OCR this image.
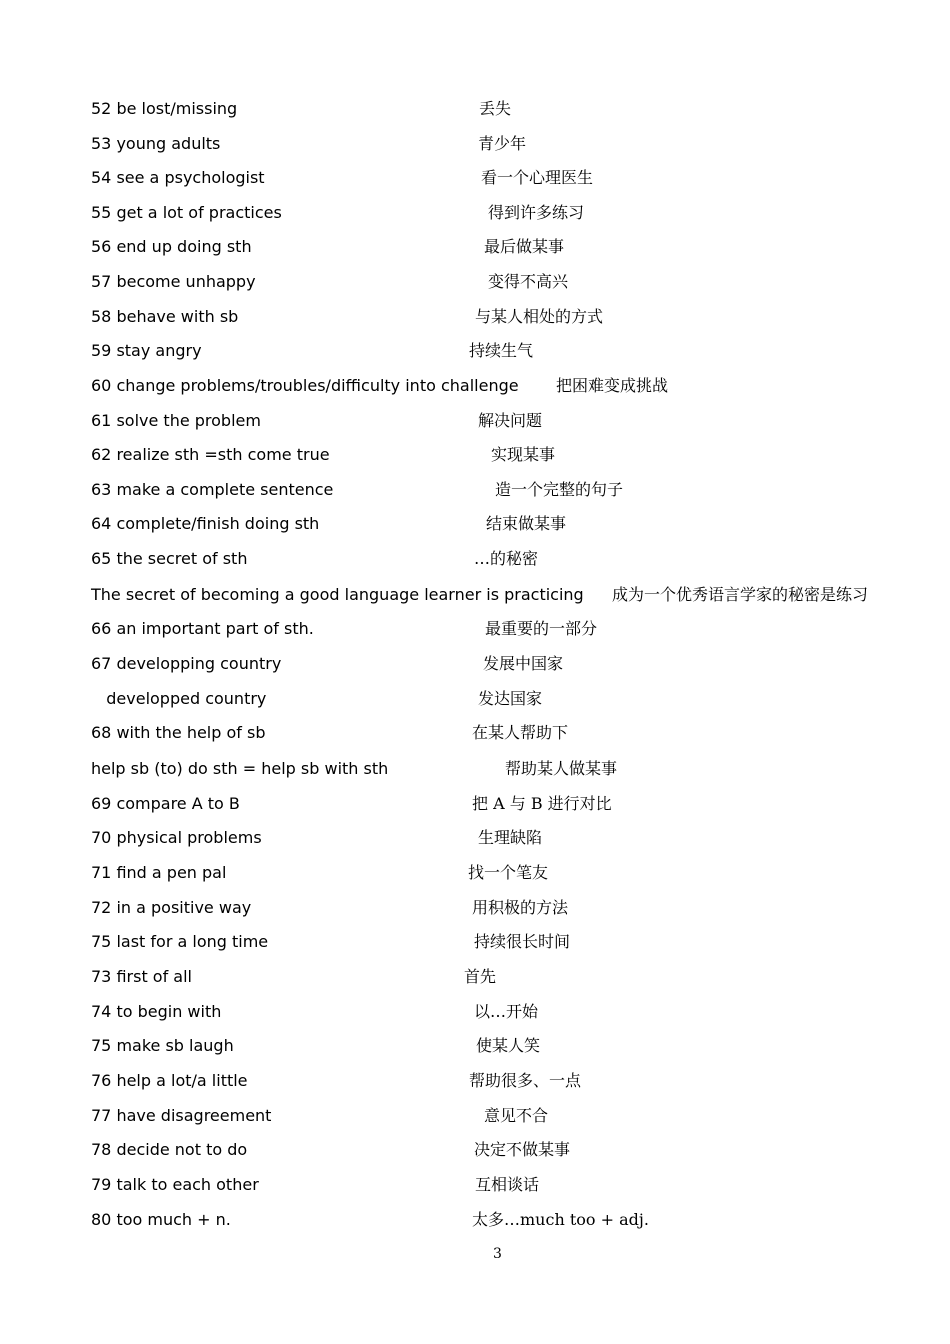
52 be lost/missing	丢失
53 young adults	青少年
54 see a psychologist	看一个心理医生
55 get a lot of practices	得到许多练习
56 end up doing sth	最后做某事
57 become unhappy	变得不高兴
58 behave with sb	与某人相处的方式
59 stay angry	持续生气
60 change problems/troubles/difficulty into challenge 把困难变成挑战
61 solve the problem	解决问题
62 realize sth =sth come true	实现某事
63 make a complete sentence	造一个完整的句子
64 complete/finish doing sth	结束做某事
65 the secret of sth	…的秘密
The secret of becoming a good language learner is practicing 成为一个优秀语言学家的秘密是练习
66 an important part of sth.	最重要的一部分
67 developping country	发展中国家
developped country	发达国家
68 with the help of sb	在某人帮助下
help sb (to) do sth = help sb with sth	帮助某人做某事
69 compare A to B	把 A 与 B 进行对比
70 physical problems	生理缺陷
71 find a pen pal	找一个笔友
72 in a positive way	用积极的方法
75 last for a long time	持续很长时间
73 first of all	首先
74 to begin with	以…开始
75 make sb laugh	使某人笑
76 help a lot/a little	帮助很多、一点
77 have disagreement	意见不合
78 decide not to do	决定不做某事
79 talk to each other	互相谈话
80 too much + n.	太多…much too + adj.
3
